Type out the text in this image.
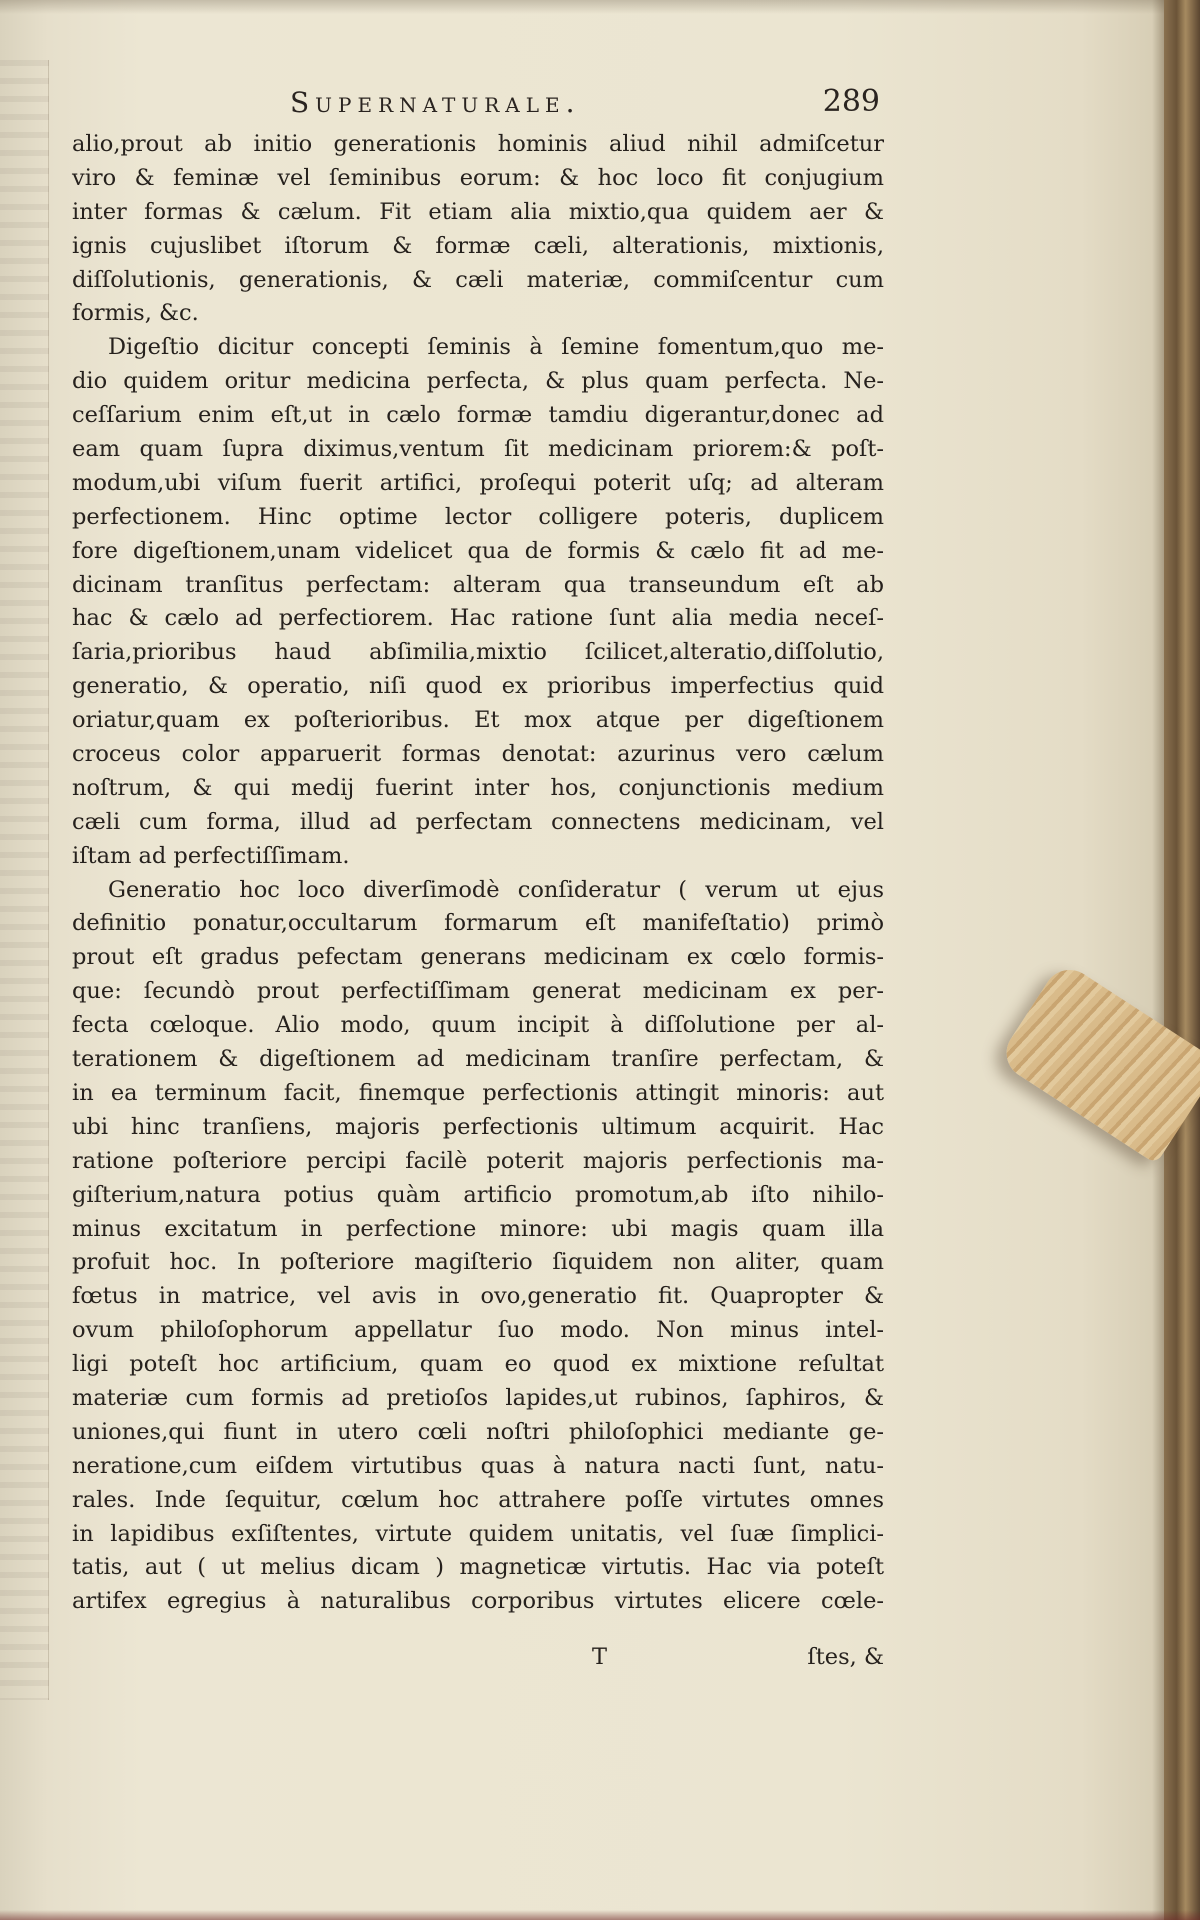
Supernaturale.	289
alio,prout ab initio generationis hominis aliud nihil admiſcetur
viro & feminæ vel ſeminibus eorum: & hoc loco fit conjugium
inter formas & cælum. Fit etiam alia mixtio,qua quidem aer &
ignis cujuslibet iſtorum & formæ cæli, alterationis, mixtionis,
diſſolutionis, generationis, & cæli materiæ, commiſcentur cum
formis, &c.
Digeſtio dicitur concepti ſeminis à ſemine fomentum,quo me-
dio quidem oritur medicina perfecta, & plus quam perfecta. Ne-
ceſſarium enim eſt,ut in cælo formæ tamdiu digerantur,donec ad
eam quam ſupra diximus,ventum ſit medicinam priorem:& poſt-
modum,ubi viſum fuerit artifici, proſequi poterit uſq; ad alteram
perfectionem. Hinc optime lector colligere poteris, duplicem
fore digeſtionem,unam videlicet qua de formis & cælo fit ad me-
dicinam tranſitus perfectam: alteram qua transeundum eſt ab
hac & cælo ad perfectiorem. Hac ratione ſunt alia media neceſ-
ſaria,prioribus haud abſimilia,mixtio ſcilicet,alteratio,diſſolutio,
generatio, & operatio, niſi quod ex prioribus imperfectius quid
oriatur,quam ex poſterioribus. Et mox atque per digeſtionem
croceus color apparuerit formas denotat: azurinus vero cælum
noſtrum, & qui medij fuerint inter hos, conjunctionis medium
cæli cum forma, illud ad perfectam connectens medicinam, vel
iſtam ad perfectiſſimam.
Generatio hoc loco diverſimodè conſideratur ( verum ut ejus
definitio ponatur,occultarum formarum eſt manifeſtatio) primò
prout eſt gradus pefectam generans medicinam ex cœlo formis-
que: ſecundò prout perfectiſſimam generat medicinam ex per-
fecta cœloque. Alio modo, quum incipit à diſſolutione per al-
terationem & digeſtionem ad medicinam tranſire perfectam, &
in ea terminum facit, finemque perfectionis attingit minoris: aut
ubi hinc tranſiens, majoris perfectionis ultimum acquirit. Hac
ratione poſteriore percipi facilè poterit majoris perfectionis ma-
giſterium,natura potius quàm artificio promotum,ab iſto nihilo-
minus excitatum in perfectione minore: ubi magis quam illa
profuit hoc. In poſteriore magiſterio ſiquidem non aliter, quam
fœtus in matrice, vel avis in ovo,generatio fit. Quapropter &
ovum philoſophorum appellatur ſuo modo. Non minus intel-
ligi poteſt hoc artificium, quam eo quod ex mixtione reſultat
materiæ cum formis ad pretioſos lapides,ut rubinos, ſaphiros, &
uniones,qui fiunt in utero cœli noſtri philoſophici mediante ge-
neratione,cum eiſdem virtutibus quas à natura nacti ſunt, natu-
rales. Inde ſequitur, cœlum hoc attrahere poſſe virtutes omnes
in lapidibus exſiſtentes, virtute quidem unitatis, vel ſuæ ſimplici-
tatis, aut ( ut melius dicam ) magneticæ virtutis. Hac via poteſt
artifex egregius à naturalibus corporibus virtutes elicere cœle-
T	ſtes, &
